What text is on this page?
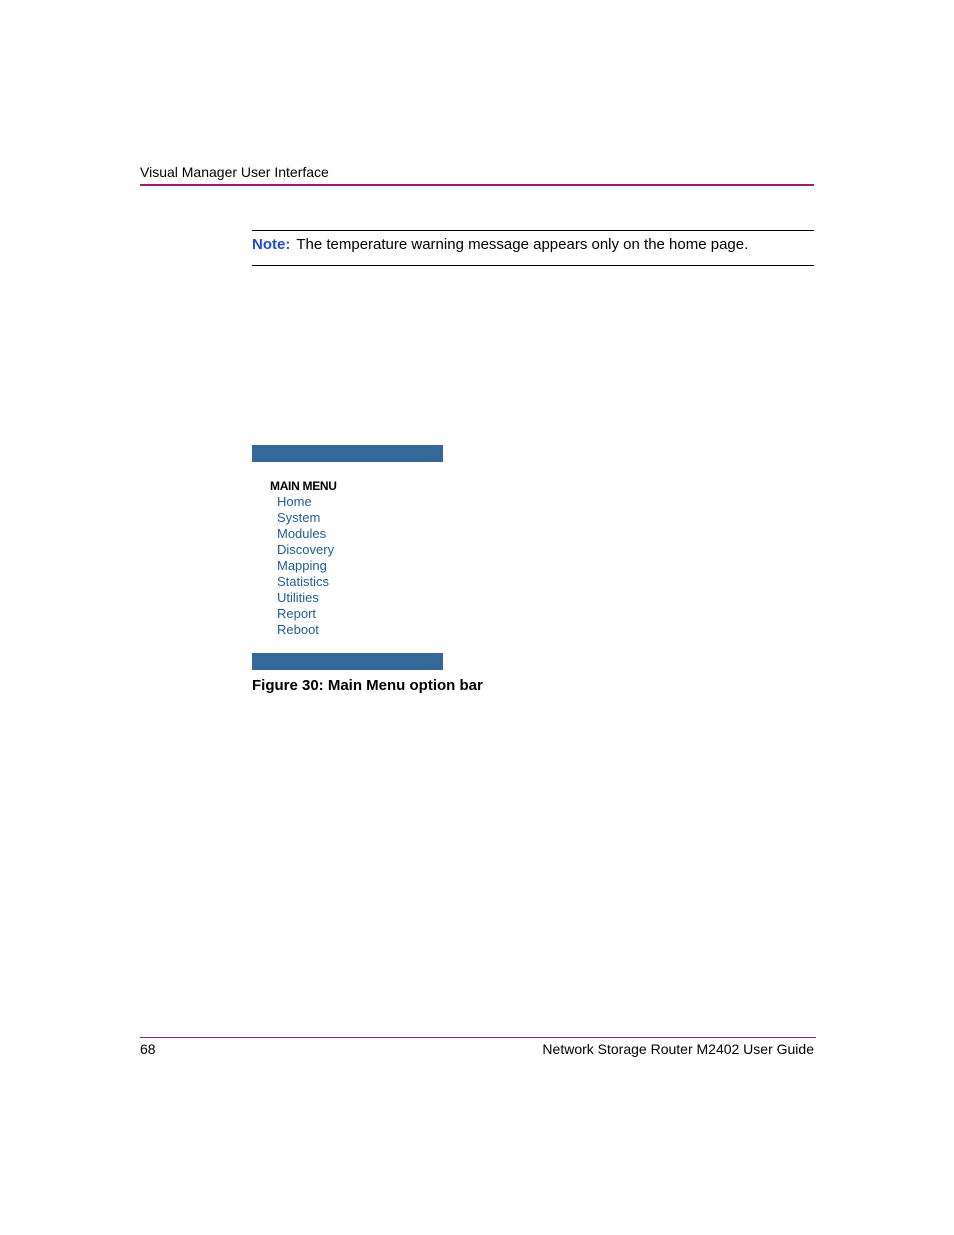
Visual Manager User Interface
Note: The temperature warning message appears only on the home page.
MAIN MENU
Home
System
Modules
Discovery
Mapping
Statistics
Utilities
Report
Reboot
Figure 30: Main Menu option bar
68	Network Storage Router M2402 User Guide
